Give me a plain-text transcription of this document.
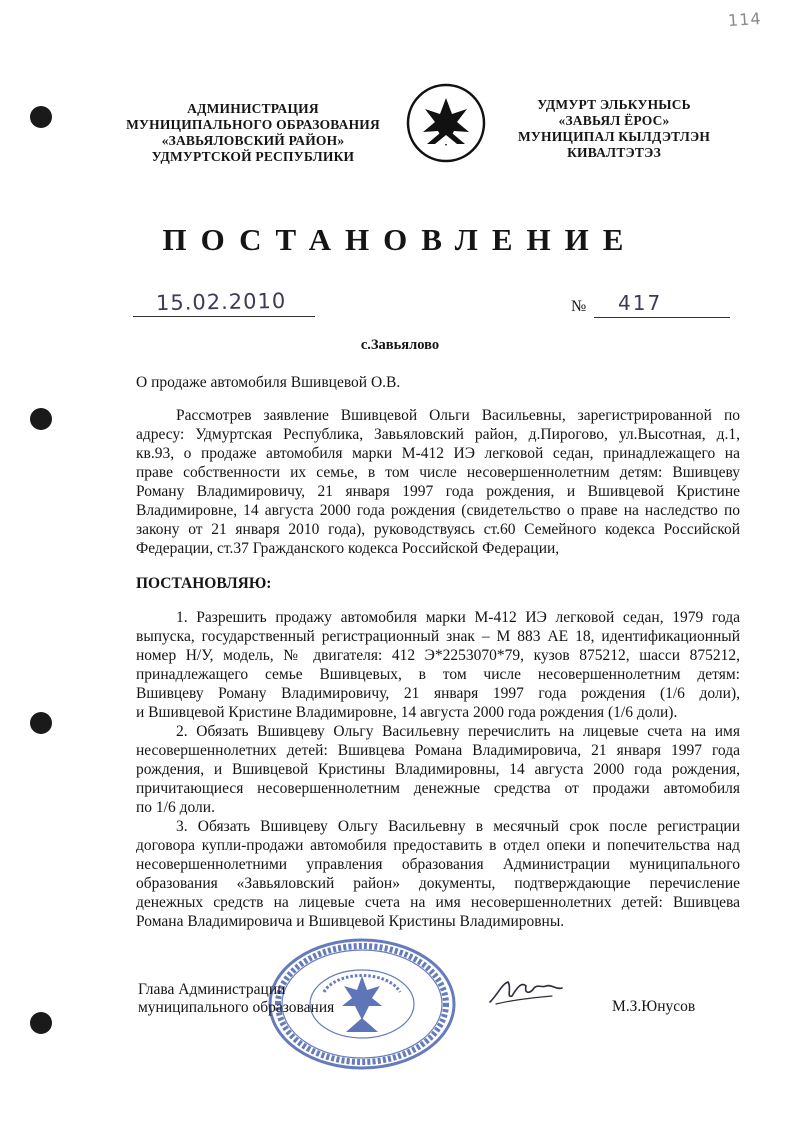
114
АДМИНИСТРАЦИЯ
МУНИЦИПАЛЬНОГО ОБРАЗОВАНИЯ
«ЗАВЬЯЛОВСКИЙ РАЙОН»
УДМУРТСКОЙ РЕСПУБЛИКИ
УДМУРТ ЭЛЬКУНЫСЬ
«ЗАВЬЯЛ ЁРОС»
МУНИЦИПАЛ КЫЛДЭТЛЭН
КИВАЛТЭТЭЗ
ПОСТАНОВЛЕНИЕ
15.02.2010	№ 417
с.Завьялово
О продаже автомобиля Вшивцевой О.В.
Рассмотрев заявление Вшивцевой Ольги Васильевны, зарегистрированной по
адресу: Удмуртская Республика, Завьяловский район, д.Пирогово, ул.Высотная, д.1,
кв.93, о продаже автомобиля марки М-412 ИЭ легковой седан, принадлежащего на
праве собственности их семье, в том числе несовершеннолетним детям: Вшивцеву
Роману Владимировичу, 21 января 1997 года рождения, и Вшивцевой Кристине
Владимировне, 14 августа 2000 года рождения (свидетельство о праве на наследство по
закону от 21 января 2010 года), руководствуясь ст.60 Семейного кодекса Российской
Федерации, ст.37 Гражданского кодекса Российской Федерации,
ПОСТАНОВЛЯЮ:
1. Разрешить продажу автомобиля марки М-412 ИЭ легковой седан, 1979 года
выпуска, государственный регистрационный знак – М 883 АЕ 18, идентификационный
номер Н/У, модель, № двигателя: 412 Э*2253070*79, кузов 875212, шасси 875212,
принадлежащего семье Вшивцевых, в том числе несовершеннолетним детям:
Вшивцеву Роману Владимировичу, 21 января 1997 года рождения (1/6 доли),
и Вшивцевой Кристине Владимировне, 14 августа 2000 года рождения (1/6 доли).
2. Обязать Вшивцеву Ольгу Васильевну перечислить на лицевые счета на имя
несовершеннолетних детей: Вшивцева Романа Владимировича, 21 января 1997 года
рождения, и Вшивцевой Кристины Владимировны, 14 августа 2000 года рождения,
причитающиеся несовершеннолетним денежные средства от продажи автомобиля
по 1/6 доли.
3. Обязать Вшивцеву Ольгу Васильевну в месячный срок после регистрации
договора купли-продажи автомобиля предоставить в отдел опеки и попечительства над
несовершеннолетними управления образования Администрации муниципального
образования «Завьяловский район» документы, подтверждающие перечисление
денежных средств на лицевые счета на имя несовершеннолетних детей: Вшивцева
Романа Владимировича и Вшивцевой Кристины Владимировны.
Глава Администрации
муниципального образования	М.З.Юнусов
